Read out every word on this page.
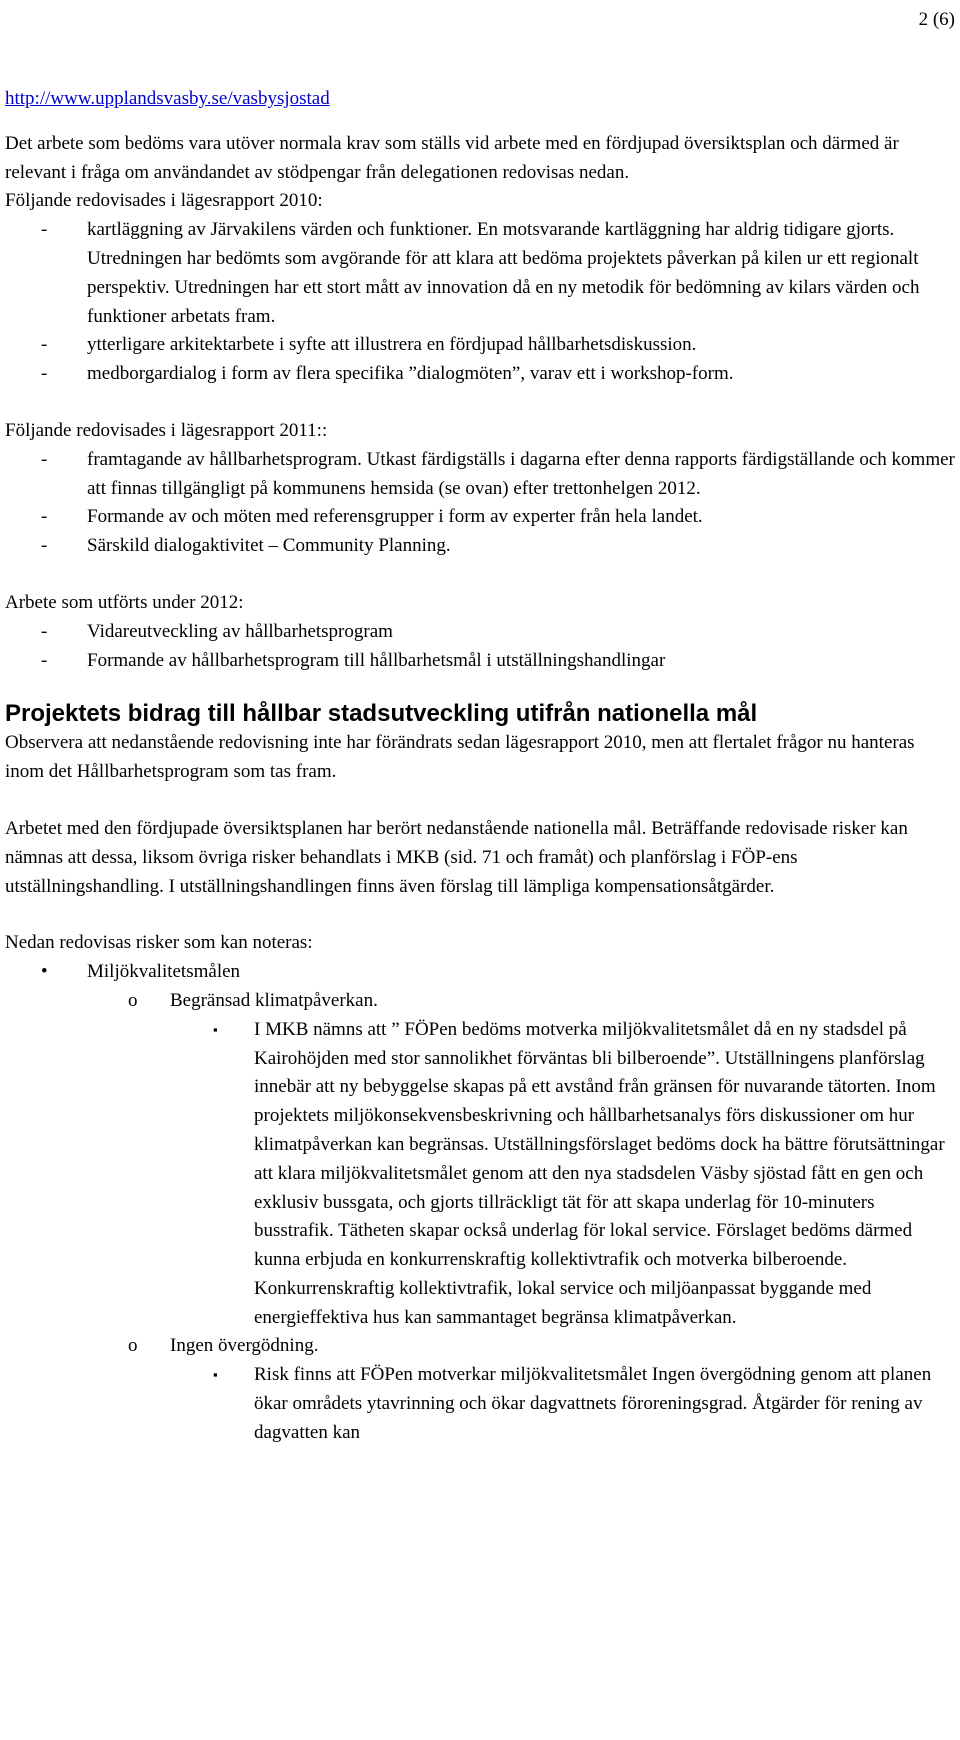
2 (6)
http://www.upplandsvasby.se/vasbysjostad

Det arbete som bedöms vara utöver normala krav som ställs vid arbete med en fördjupad översiktsplan och därmed är relevant i fråga om användandet av stödpengar från delegationen redovisas nedan.

Följande redovisades i lägesrapport 2010:

- kartläggning av Järvakilens värden och funktioner. En motsvarande kartläggning har aldrig tidigare gjorts. Utredningen har bedömts som avgörande för att klara att bedöma projektets påverkan på kilen ur ett regionalt perspektiv. Utredningen har ett stort mått av innovation då en ny metodik för bedömning av kilars värden och funktioner arbetats fram.
- ytterligare arkitektarbete i syfte att illustrera en fördjupad hållbarhetsdiskussion.
- medborgardialog i form av flera specifika ”dialogmöten”, varav ett i workshop-form.

Följande redovisades i lägesrapport 2011::

- framtagande av hållbarhetsprogram. Utkast färdigställs i dagarna efter denna rapports färdigställande och kommer att finnas tillgängligt på kommunens hemsida (se ovan) efter trettonhelgen 2012.
- Formande av och möten med referensgrupper i form av experter från hela landet.
- Särskild dialogaktivitet – Community Planning.

Arbete som utförts under 2012:

- Vidareutveckling av hållbarhetsprogram
- Formande av hållbarhetsprogram till hållbarhetsmål i utställningshandlingar
Projektets bidrag till hållbar stadsutveckling utifrån nationella mål

Observera att nedanstående redovisning inte har förändrats sedan lägesrapport 2010, men att flertalet frågor nu hanteras inom det Hållbarhetsprogram som tas fram.

Arbetet med den fördjupade översiktsplanen har berört nedanstående nationella mål. Beträffande redovisade risker kan nämnas att dessa, liksom övriga risker behandlats i MKB (sid. 71 och framåt) och planförslag i FÖP-ens utställningshandling. I utställningshandlingen finns även förslag till lämpliga kompensationsåtgärder.

Nedan redovisas risker som kan noteras:

• Miljökvalitetsmålen
o Begränsad klimatpåverkan.
▪ I MKB nämns att ” FÖPen bedöms motverka miljökvalitetsmålet då en ny stadsdel på Kairohöjden med stor sannolikhet förväntas bli bilberoende”. Utställningens planförslag innebär att ny bebyggelse skapas på ett avstånd från gränsen för nuvarande tätorten. Inom projektets miljökonsekvensbeskrivning och hållbarhetsanalys förs diskussioner om hur klimatpåverkan kan begränsas. Utställningsförslaget bedöms dock ha bättre förutsättningar att klara miljökvalitetsmålet genom att den nya stadsdelen Väsby sjöstad fått en gen och exklusiv bussgata, och gjorts tillräckligt tät för att skapa underlag för 10-minuters busstrafik. Tätheten skapar också underlag för lokal service. Förslaget bedöms därmed kunna erbjuda en konkurrenskraftig kollektivtrafik och motverka bilberoende. Konkurrenskraftig kollektivtrafik, lokal service och miljöanpassat byggande med energieffektiva hus kan sammantaget begränsa klimatpåverkan.
o Ingen övergödning.
▪ Risk finns att FÖPen motverkar miljökvalitetsmålet Ingen övergödning genom att planen ökar områdets ytavrinning och ökar dagvattnets föroreningsgrad. Åtgärder för rening av dagvatten kan
